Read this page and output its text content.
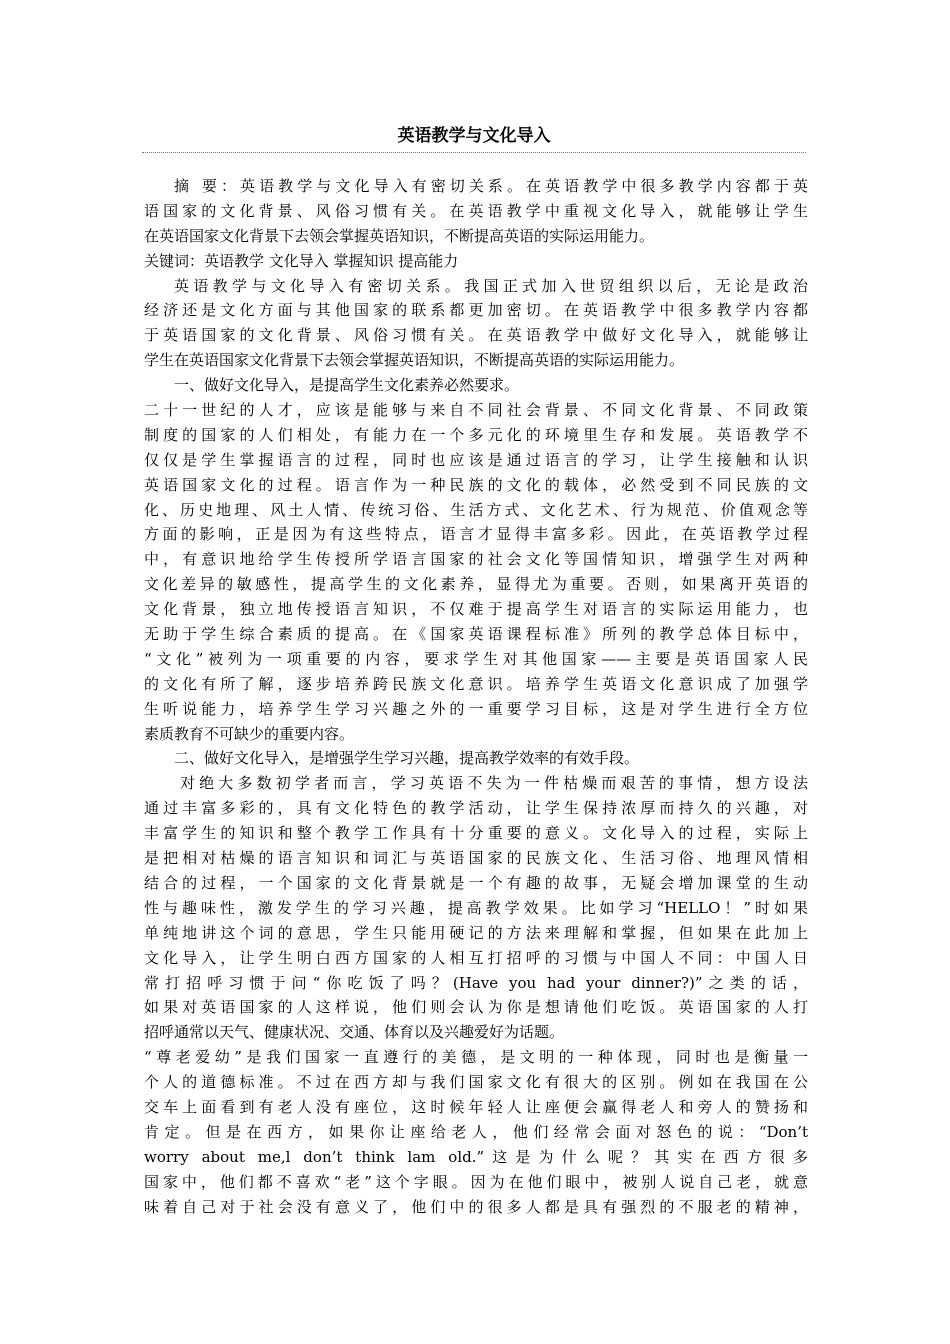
英语教学与文化导入
摘 要：英语教学与文化导入有密切关系。在英语教学中很多教学内容都于英
语国家的文化背景、风俗习惯有关。在英语教学中重视文化导入，就能够让学生
在英语国家文化背景下去领会掌握英语知识，不断提高英语的实际运用能力。
关键词：英语教学 文化导入 掌握知识 提高能力
英语教学与文化导入有密切关系。我国正式加入世贸组织以后，无论是政治
经济还是文化方面与其他国家的联系都更加密切。在英语教学中很多教学内容都
于英语国家的文化背景、风俗习惯有关。在英语教学中做好文化导入，就能够让
学生在英语国家文化背景下去领会掌握英语知识，不断提高英语的实际运用能力。
一、做好文化导入，是提高学生文化素养必然要求。
二十一世纪的人才，应该是能够与来自不同社会背景、不同文化背景、不同政策
制度的国家的人们相处，有能力在一个多元化的环境里生存和发展。英语教学不
仅仅是学生掌握语言的过程，同时也应该是通过语言的学习，让学生接触和认识
英语国家文化的过程。语言作为一种民族的文化的载体，必然受到不同民族的文
化、历史地理、风土人情、传统习俗、生活方式、文化艺术、行为规范、价值观念等
方面的影响，正是因为有这些特点，语言才显得丰富多彩。因此，在英语教学过程
中，有意识地给学生传授所学语言国家的社会文化等国情知识，增强学生对两种
文化差异的敏感性，提高学生的文化素养，显得尤为重要。否则，如果离开英语的
文化背景，独立地传授语言知识，不仅难于提高学生对语言的实际运用能力，也
无助于学生综合素质的提高。在《国家英语课程标准》所列的教学总体目标中，
“文化”被列为一项重要的内容，要求学生对其他国家——主要是英语国家人民
的文化有所了解，逐步培养跨民族文化意识。培养学生英语文化意识成了加强学
生听说能力，培养学生学习兴趣之外的一重要学习目标，这是对学生进行全方位
素质教育不可缺少的重要内容。
二、做好文化导入，是增强学生学习兴趣，提高教学效率的有效手段。
对绝大多数初学者而言，学习英语不失为一件枯燥而艰苦的事情，想方设法
通过丰富多彩的，具有文化特色的教学活动，让学生保持浓厚而持久的兴趣，对
丰富学生的知识和整个教学工作具有十分重要的意义。文化导入的过程，实际上
是把相对枯燥的语言知识和词汇与英语国家的民族文化、生活习俗、地理风情相
结合的过程，一个国家的文化背景就是一个有趣的故事，无疑会增加课堂的生动
性与趣味性，激发学生的学习兴趣，提高教学效果。比如学习“HELLO！”时如果
单纯地讲这个词的意思，学生只能用硬记的方法来理解和掌握，但如果在此加上
文化导入，让学生明白西方国家的人相互打招呼的习惯与中国人不同：中国人日
常打招呼习惯于问“你吃饭了吗？(Have you had your dinner?)”之类的话，
如果对英语国家的人这样说，他们则会认为你是想请他们吃饭。英语国家的人打
招呼通常以天气、健康状况、交通、体育以及兴趣爱好为话题。
“尊老爱幼”是我们国家一直遵行的美德，是文明的一种体现，同时也是衡量一
个人的道德标准。不过在西方却与我们国家文化有很大的区别。例如在我国在公
交车上面看到有老人没有座位，这时候年轻人让座便会赢得老人和旁人的赞扬和
肯定。但是在西方，如果你让座给老人，他们经常会面对怒色的说：“Don’t
worry about me,l don’t think lam old.”这是为什么呢？其实在西方很多
国家中，他们都不喜欢“老”这个字眼。因为在他们眼中，被别人说自己老，就意
味着自己对于社会没有意义了，他们中的很多人都是具有强烈的不服老的精神，
